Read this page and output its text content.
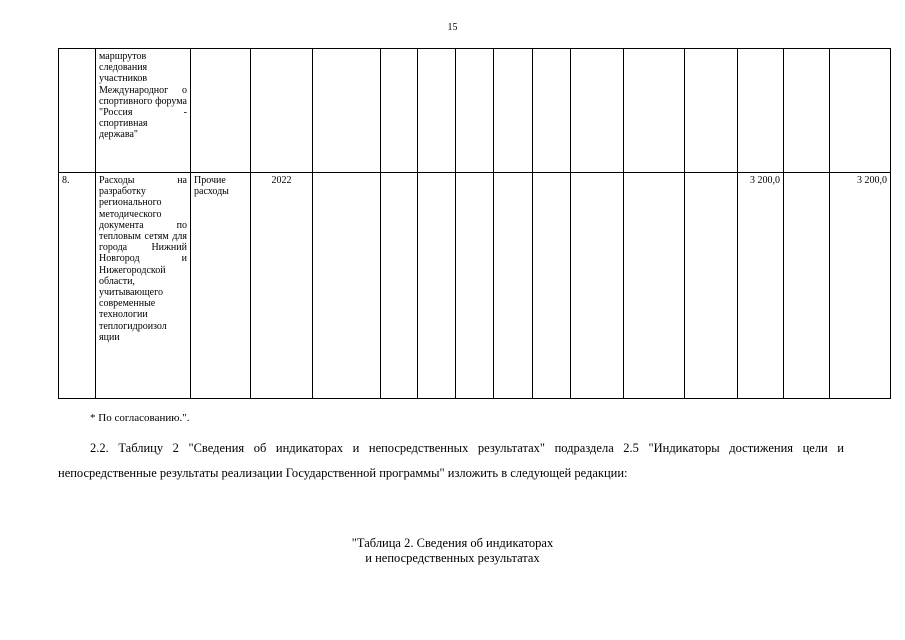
15
	маршрутов следования участников Международног о спортивного форума "Россия - спортивная держава"														
8.	Расходы на разработку регионального методического документа по тепловым сетям для города Нижний Новгород и Нижегородской области, учитывающего современные технологии теплогидроизол яции	Прочие расходы	2022										3 200,0		3 200,0
* По согласованию.".

2.2. Таблицу 2 "Сведения об индикаторах и непосредственных результатах" подраздела 2.5 "Индикаторы достижения цели и непосредственные результаты реализации Государственной программы" изложить в следующей редакции:

"Таблица 2. Сведения об индикаторах
и непосредственных результатах
